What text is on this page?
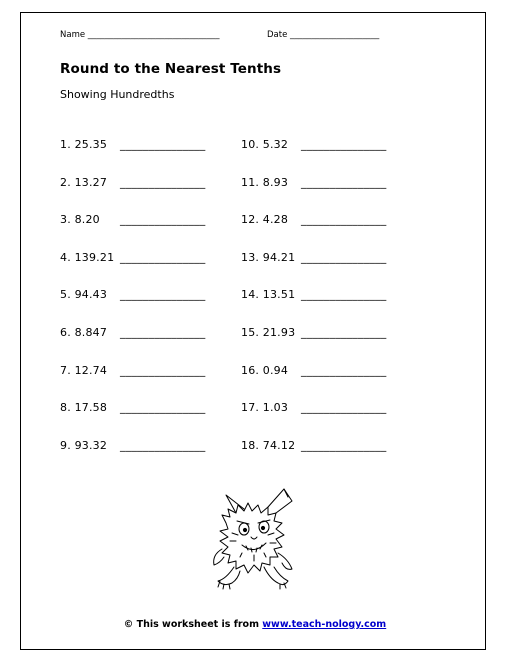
Name _______________________________	Date _____________________
Round to the Nearest Tenths
Showing Hundredths
1. 25.35 _______________
2. 13.27 _______________
3. 8.20 _______________
4. 139.21 _______________
5. 94.43 _______________
6. 8.847 _______________
7. 12.74 _______________
8. 17.58 _______________
9. 93.32 _______________
10. 5.32 _______________
11. 8.93 _______________
12. 4.28 _______________
13. 94.21 _______________
14. 13.51 _______________
15. 21.93 _______________
16. 0.94 _______________
17. 1.03 _______________
18. 74.12 _______________
© This worksheet is from www.teach-nology.com
